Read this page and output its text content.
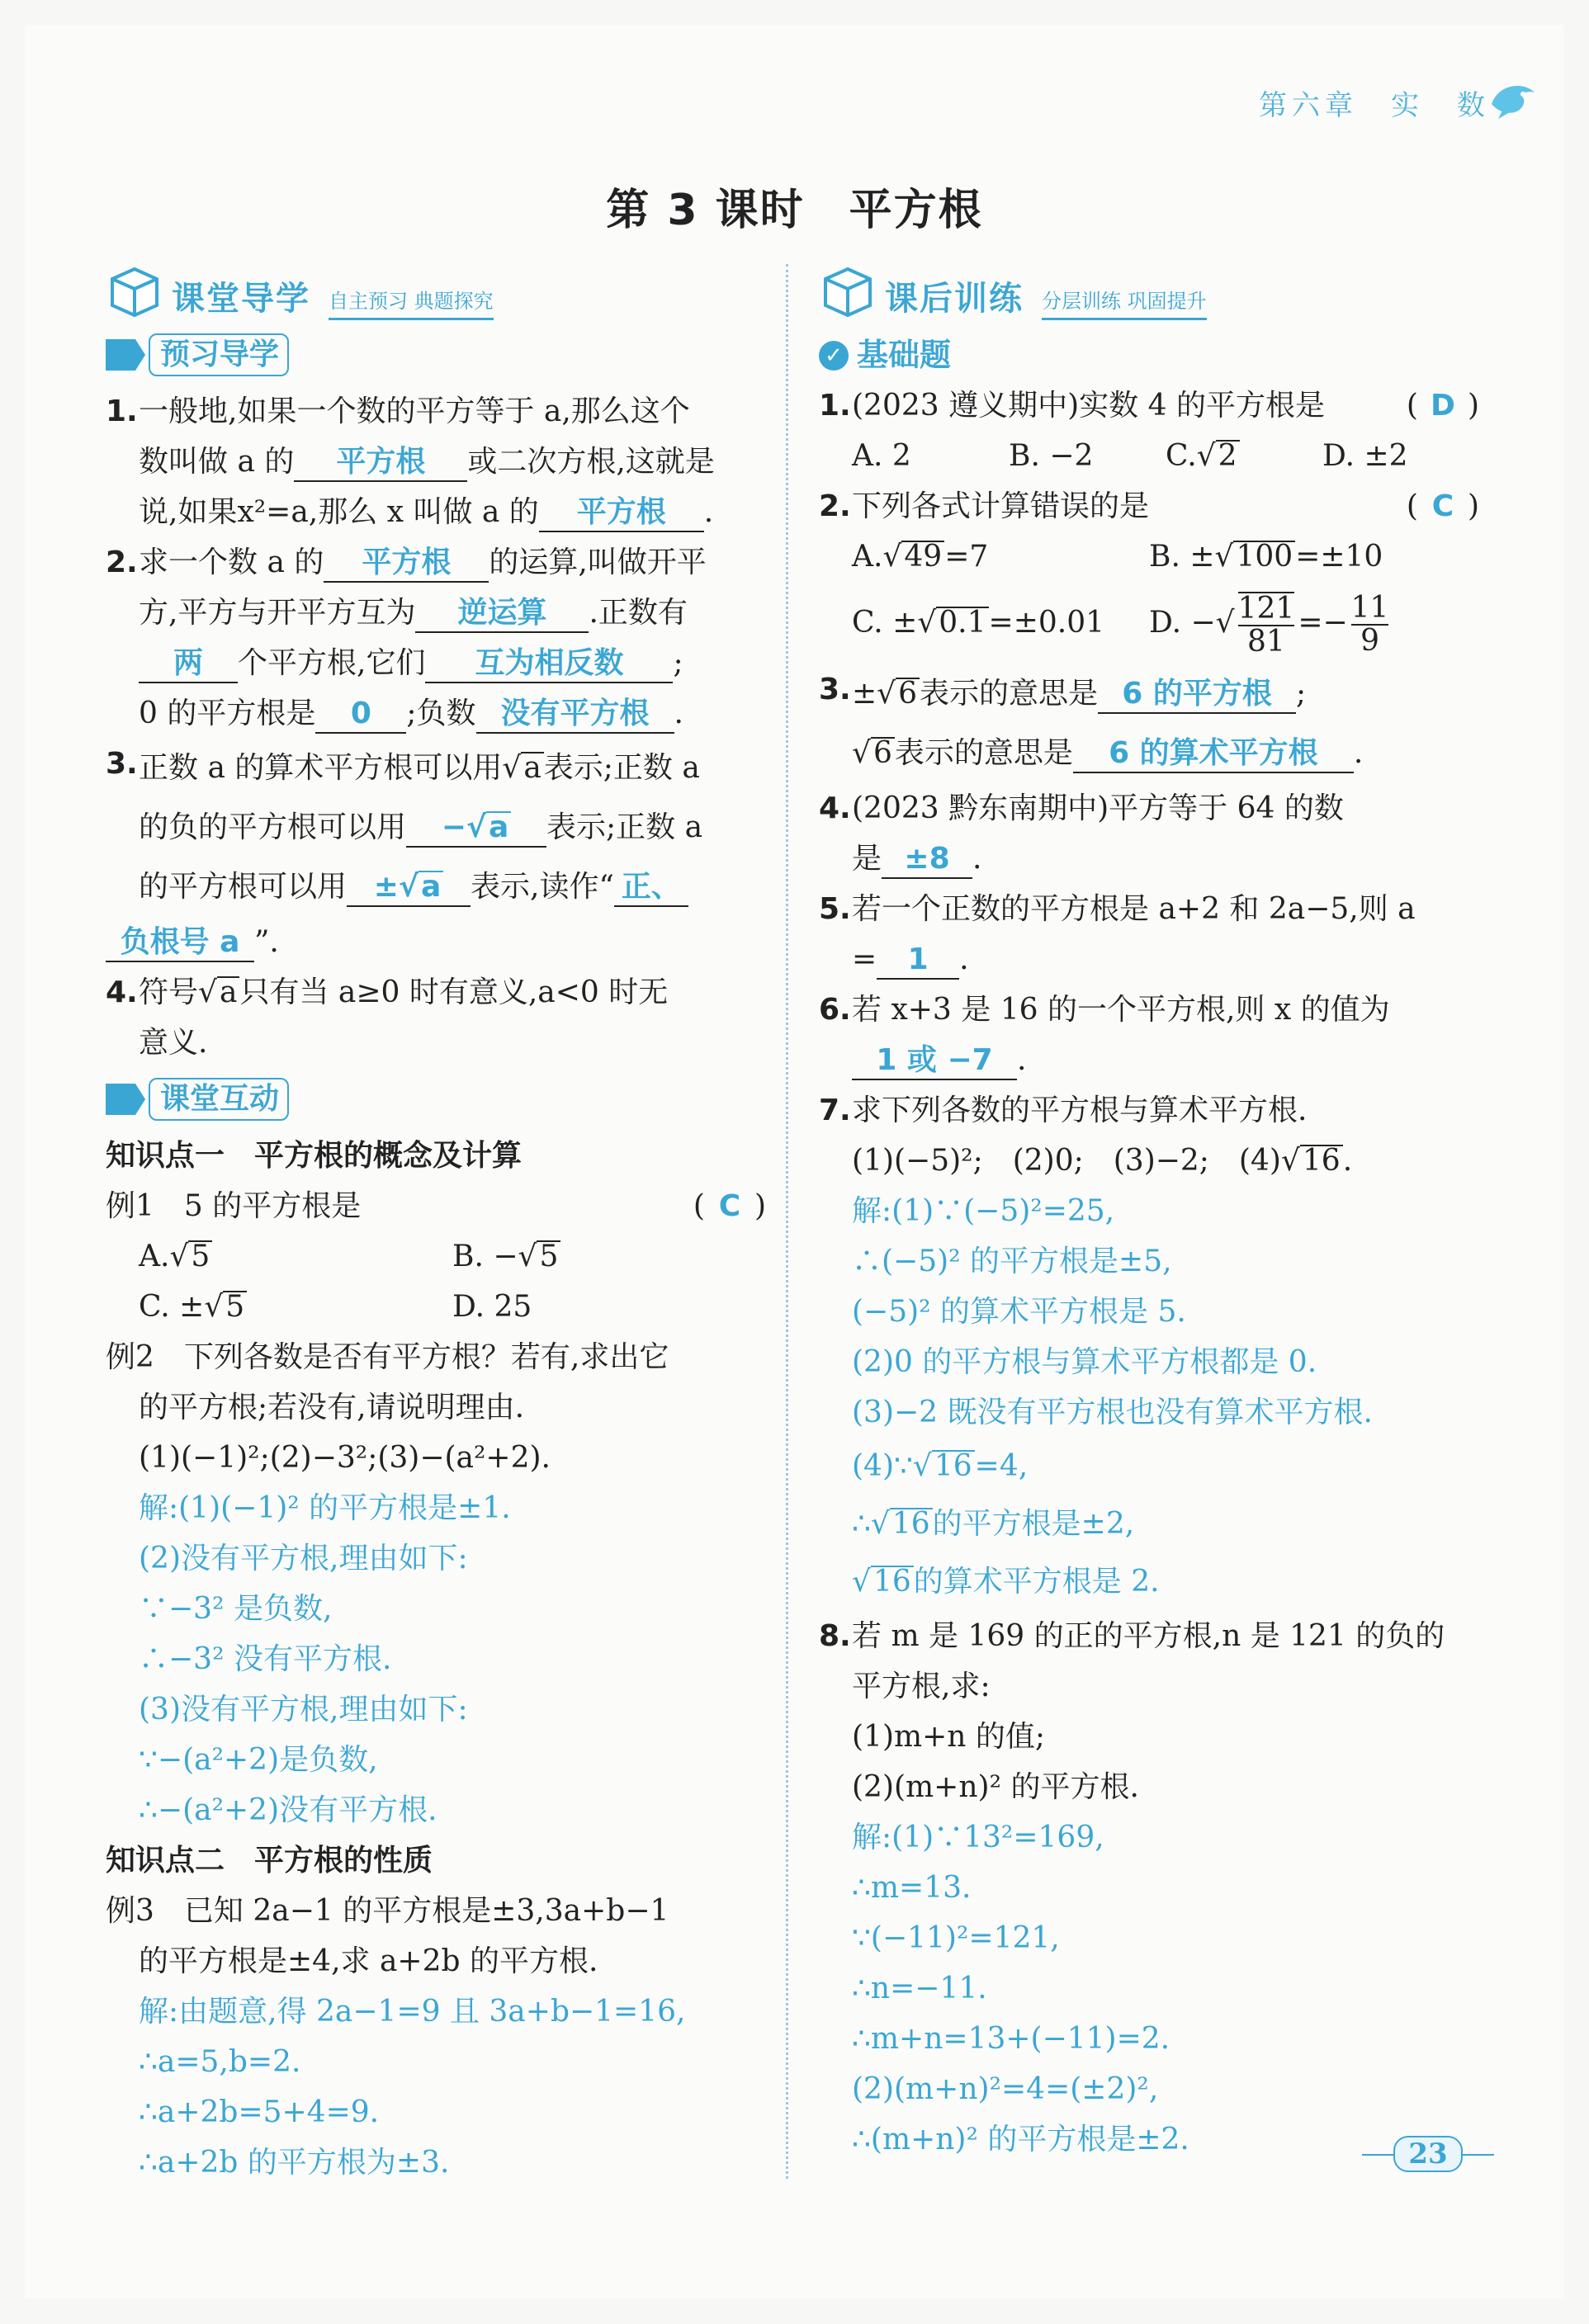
第六章　实　数
第 3 课时　平方根
课堂导学 自主预习 典题探究
预习导学
1. 一般地,如果一个数的平方等于 a,那么这个
数叫做 a 的 平方根 或二次方根,这就是
说,如果x²=a,那么 x 叫做 a 的 平方根 .
2. 求一个数 a 的 平方根 的运算,叫做开平
方,平方与开平方互为 逆运算 .正数有
两 个平方根,它们 互为相反数 ;
0 的平方根是 0 ;负数 没有平方根 .
3. 正数 a 的算术平方根可以用√a表示;正数 a
的负的平方根可以用 −√a 表示;正数 a
的平方根可以用 ±√a 表示,读作“ 正、
负根号 a ”.
4. 符号√a只有当 a≥0 时有意义,a<0 时无
意义.
课堂互动
知识点一　平方根的概念及计算
例1　5 的平方根是	( C )
A.√5	B. −√5
C. ±√5	D. 25
例2　下列各数是否有平方根？若有,求出它
的平方根;若没有,请说明理由.
(1)(−1)²;(2)−3²;(3)−(a²+2).
解:(1)(−1)² 的平方根是±1.
(2)没有平方根,理由如下:
∵−3² 是负数,
∴−3² 没有平方根.
(3)没有平方根,理由如下:
∵−(a²+2)是负数,
∴−(a²+2)没有平方根.
知识点二　平方根的性质
例3　已知 2a−1 的平方根是±3,3a+b−1
的平方根是±4,求 a+2b 的平方根.
解:由题意,得 2a−1=9 且 3a+b−1=16,
∴a=5,b=2.
∴a+2b=5+4=9.
∴a+2b 的平方根为±3.
课后训练 分层训练 巩固提升
✓ 基础题
1. (2023 遵义期中)实数 4 的平方根是	( D )
A. 2	B. −2	C.√2	D. ±2
2. 下列各式计算错误的是	( C )
A.√49=7	B. ±√100=±10
C. ±√0.1=±0.01	D. −√ $\frac{121}{81} =- \frac{11}{9}$
3. ±√6表示的意思是 6 的平方根 ;
√6表示的意思是 6 的算术平方根 .
4. (2023 黔东南期中)平方等于 64 的数
是 ±8 .
5. 若一个正数的平方根是 a+2 和 2a−5,则 a
= 1 .
6. 若 x+3 是 16 的一个平方根,则 x 的值为
1 或 −7 .
7. 求下列各数的平方根与算术平方根.
(1)(−5)²;　(2)0;　(3)−2;　(4)√16.
解:(1)∵(−5)²=25,
∴(−5)² 的平方根是±5,
(−5)² 的算术平方根是 5.
(2)0 的平方根与算术平方根都是 0.
(3)−2 既没有平方根也没有算术平方根.
(4)∵√16=4,
∴√16的平方根是±2,
√16的算术平方根是 2.
8. 若 m 是 169 的正的平方根,n 是 121 的负的
平方根,求:
(1)m+n 的值;
(2)(m+n)² 的平方根.
解:(1)∵13²=169,
∴m=13.
∵(−11)²=121,
∴n=−11.
∴m+n=13+(−11)=2.
(2)(m+n)²=4=(±2)²,
∴(m+n)² 的平方根是±2.	23
